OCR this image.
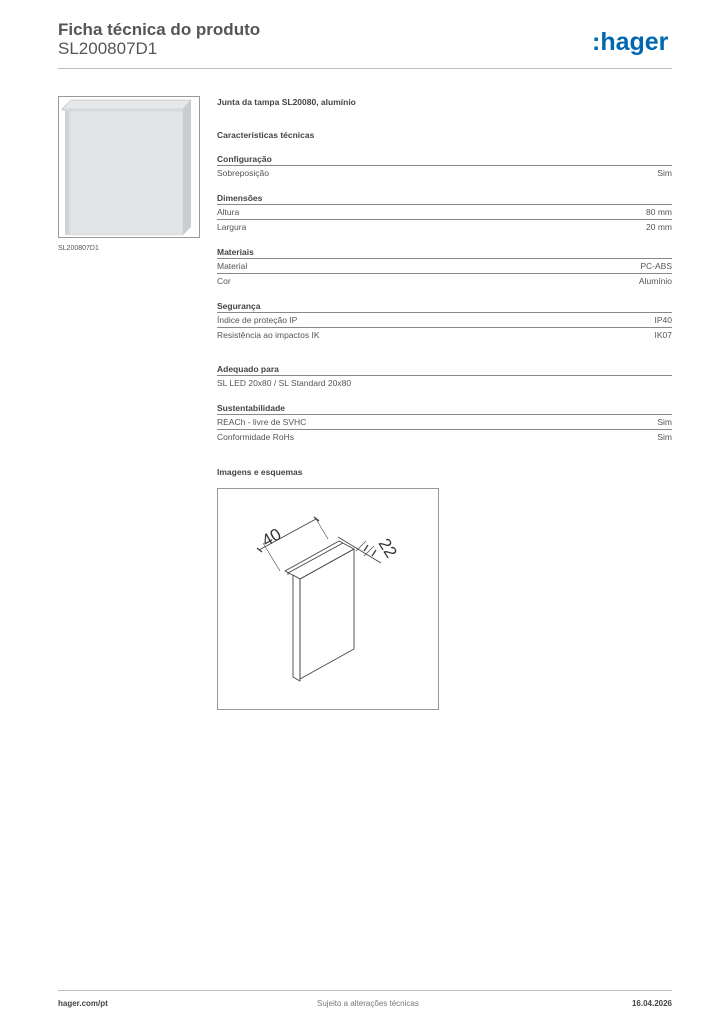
Ficha técnica do produto
SL200807D1	:hager
SL200807D1
Junta da tampa SL20080, alumínio
Características técnicas
Configuração
Sobreposição	Sim
Dimensões
Altura	80 mm
Largura	20 mm
Materiais
Material	PC-ABS
Cor	Alumínio
Segurança
Índice de proteção IP	IP40
Resistência ao impactos IK	IK07
Adequado para
SL LED 20x80 / SL Standard 20x80
Sustentabilidade
REACh - livre de SVHC	Sim
Conformidade RoHs	Sim
Imagens e esquemas
40	22
hager.com/pt	Sujeito a alterações técnicas	16.04.2026
